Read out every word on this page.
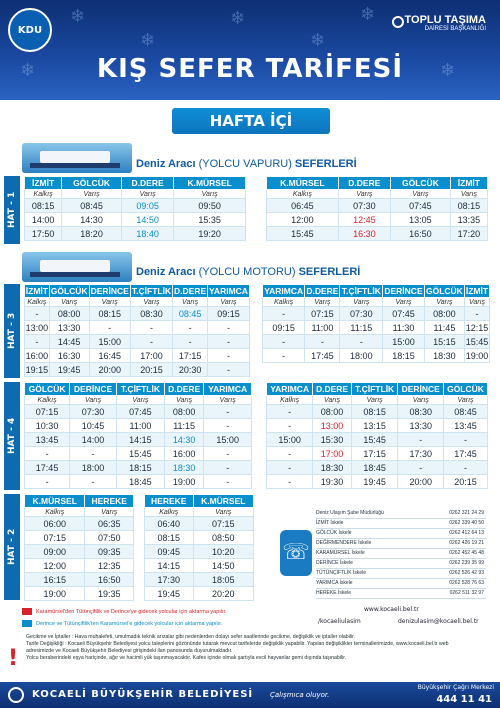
❄
❄
❄
❄
❄
❄	❄
KDU
TOPLU TAŞIMA
DAİRESİ BAŞKANLIĞI
KIŞ SEFER TARİFESİ
HAFTA İÇİ
Deniz Aracı (YOLCU VAPURU) SEFERLERİ
HAT - 1
İZMİT	GÖLCÜK	D.DERE	K.MÜRSEL
Kalkış	Varış	Varış	Varış
08:15	08:45	09:05	09:50
14:00	14:30	14:50	15:35
17:50	18:20	18:40	19:20
K.MÜRSEL	D.DERE	GÖLCÜK	İZMİT
Kalkış	Varış	Varış	Varış
06:45	07:30	07:45	08:15
12:00	12:45	13:05	13:35
15:45	16:30	16:50	17:20
Deniz Aracı (YOLCU MOTORU) SEFERLERİ
HAT - 3
İZMİT	GÖLCÜK	DERİNCE	T.ÇİFTLİK	D.DERE	YARIMCA
Kalkış	Varış	Varış	Varış	Varış	Varış
-	08:00	08:15	08:30	08:45	09:15
13:00	13:30	-	-	-	-
-	14:45	15:00	-	-	-
16:00	16:30	16:45	17:00	17:15	-
19:15	19:45	20:00	20:15	20:30	-
YARIMCA	D.DERE	T.ÇİFTLİK	DERİNCE	GÖLCÜK	İZMİT
Kalkış	Varış	Varış	Varış	Varış	Varış
-	07:15	07:30	07:45	08:00	-
09:15	11:00	11:15	11:30	11:45	12:15
-	-	-	15:00	15:15	15:45
-	17:45	18:00	18:15	18:30	19:00
HAT - 4
GÖLCÜK	DERİNCE	T.ÇİFTLİK	D.DERE	YARIMCA
Kalkış	Varış	Varış	Varış	Varış
07:15	07:30	07:45	08:00	-
10:30	10:45	11:00	11:15	-
13:45	14:00	14:15	14:30	15:00
-	-	15:45	16:00	-
17:45	18:00	18:15	18:30	-
-	-	18:45	19:00	-
YARIMCA	D.DERE	T.ÇİFTLİK	DERİNCE	GÖLCÜK
Kalkış	Varış	Varış	Varış	Varış
-	08:00	08:15	08:30	08:45
-	13:00	13:15	13:30	13:45
15:00	15:30	15:45	-	-
-	17:00	17:15	17:30	17:45
-	18:30	18:45	-	-
-	19:30	19:45	20:00	20:15
HAT - 2
K.MÜRSEL	HEREKE
Kalkış	Varış
06:00	06:35
07:15	07:50
09:00	09:35
12:00	12:35
16:15	16:50
19:00	19:35
HEREKE	K.MÜRSEL
Kalkış	Varış
06:40	07:15
08:15	08:50
09:45	10:20
14:15	14:50
17:30	18:05
19:45	20:20
☏
Deniz Ulaşım Şube Müdürlüğü	0262 321 24 29
İZMİT İskele	0262 339 40 50
GÖLCÜK İskele	0262 412 64 13
DEĞİRMENDERE İskele	0262 426 19 21
KARAMÜRSEL İskele	0262 452 45 48
DERİNCE İskele	0262 239 35 99
TÜTÜNÇİFTLİK İskele	0262 526 42 93
YARIMCA İskele	0262 528 76 63
HEREKE İskele	0262 511 32 97
www.kocaeli.bel.tr
/kocaeliulasim	denizulasim@kocaeli.bel.tr
Karamürsel'den Tütünçiftlik ve Derince'ye gidecek yolcular için aktarma yapılır.
Derince ve Tütünçiftlik'ten Karamürsel'e gidecek yolcular için aktarma yapılır.
!
Gecikme ve İptaller : Hava muhalefeti, umulmadık teknik arızalar gibi nedenlerden dolayı sefer saatlerinde gecikme, değişiklik ve iptaller olabilir.
Tarife Değişikliği : Kocaeli Büyükşehir Belediyesi yolcu taleplerini gözönünde tutarak mevcut tarifelerde değişiklik yapabilir. Yapılan değişiklikler terminallerimizde, www.kocaeli.bel.tr web adresimizde ve Kocaeli Büyükşehir Belediyesi girişindeki ilan panosunda duyurulmaktadır.
Yolcu beraberindeki eşya hariçinde, ağır ve hacimli yük taşınmayacaktır. Kafes içinde olmak şartıyla evcil hayvanlar gemi dışında taşınabilir.
KOCAELİ BÜYÜKŞEHİR BELEDİYESİ Çalışmıca oluyor.
Büyükşehir Çağrı Merkezi
444 11 41
